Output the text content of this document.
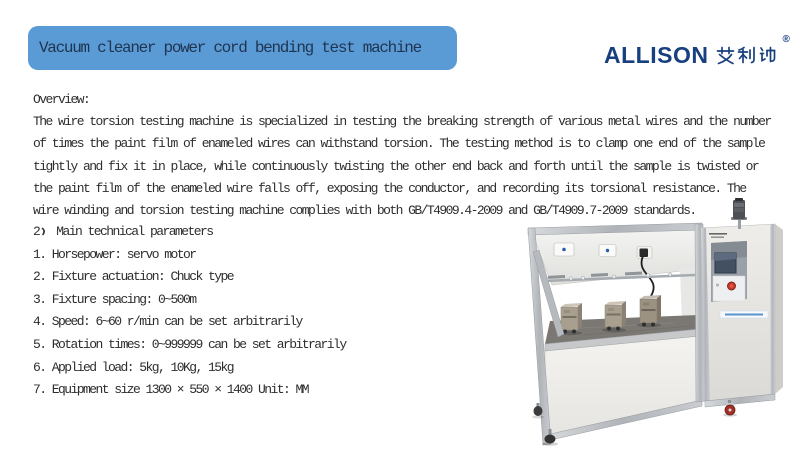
Vacuum cleaner power cord bending test machine	ALLISON
®
Overview:
The wire torsion testing machine is specialized in testing the breaking strength of various metal wires and the number
of times the paint film of enameled wires can withstand torsion. The testing method is to clamp one end of the sample
tightly and fix it in place, while continuously twisting the other end back and forth until the sample is twisted or
the paint film of the enameled wire falls off, exposing the conductor, and recording its torsional resistance. The
wire winding and torsion testing machine complies with both GB/T4909.4-2009 and GB/T4909.7-2009 standards.
2 Main technical parameters
1. Horsepower: servo motor
2. Fixture actuation: Chuck type
3. Fixture spacing: 0~500m
4. Speed: 6~60 r/min can be set arbitrarily
5. Rotation times: 0~999999 can be set arbitrarily
6. Applied load: 5kg, 10Kg, 15kg
7. Equipment size 1300 × 550 × 1400 Unit: MM
